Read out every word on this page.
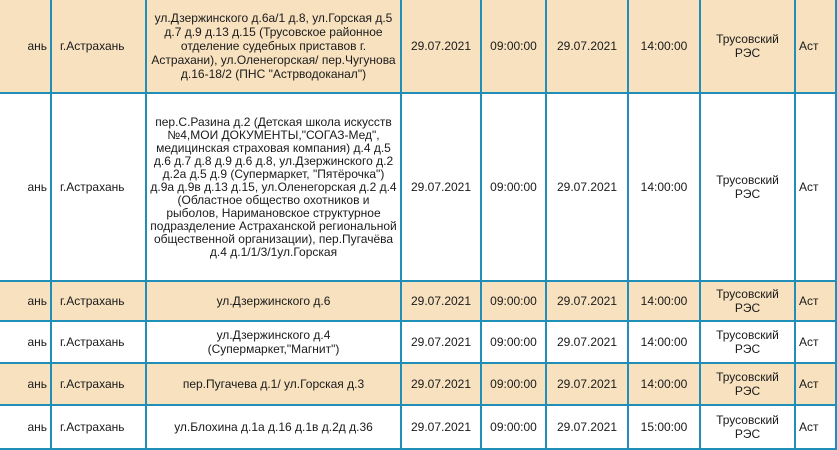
ань	г.Астрахань	ул.Дзержинского д.6а/1 д.8, ул.Горская д.5 д.7 д.9 д.13 д.15 (Трусовское районное отделение судебных приставов г. Астрахани), ул.Оленегорская/ пер.Чугунова д.16-18/2 (ПНС "Астрводоканал")	29.07.2021	09:00:00	29.07.2021	14:00:00	Трусовский РЭС	Аст
ань	г.Астрахань	пер.С.Разина д.2 (Детская школа искусств №4,МОИ ДОКУМЕНТЫ,"СОГАЗ-Мед", медицинская страховая компания) д.4 д.5 д.6 д.7 д.8 д.9 д.6 д.8, ул.Дзержинского д.2 д.2а д.5 д.9 (Супермаркет, "Пятёрочка") д.9а д.9в д.13 д.15, ул.Оленегорская д.2 д.4 (Областное общество охотников и рыболов, Наримановское структурное подразделение Астраханской региональной общественной организации), пер.Пугачёва д.4 д.1/1/3/1ул.Горская	29.07.2021	09:00:00	29.07.2021	14:00:00	Трусовский РЭС	Аст
ань	г.Астрахань	ул.Дзержинского д.6	29.07.2021	09:00:00	29.07.2021	14:00:00	Трусовский РЭС	Аст
ань	г.Астрахань	ул.Дзержинского д.4 (Супермаркет,"Магнит")	29.07.2021	09:00:00	29.07.2021	14:00:00	Трусовский РЭС	Аст
ань	г.Астрахань	пер.Пугачева д.1/ ул.Горская д.3	29.07.2021	09:00:00	29.07.2021	14:00:00	Трусовский РЭС	Аст
ань	г.Астрахань	ул.Блохина д.1а д.16 д.1в д.2д д.36	29.07.2021	09:00:00	29.07.2021	15:00:00	Трусовский РЭС	Аст
